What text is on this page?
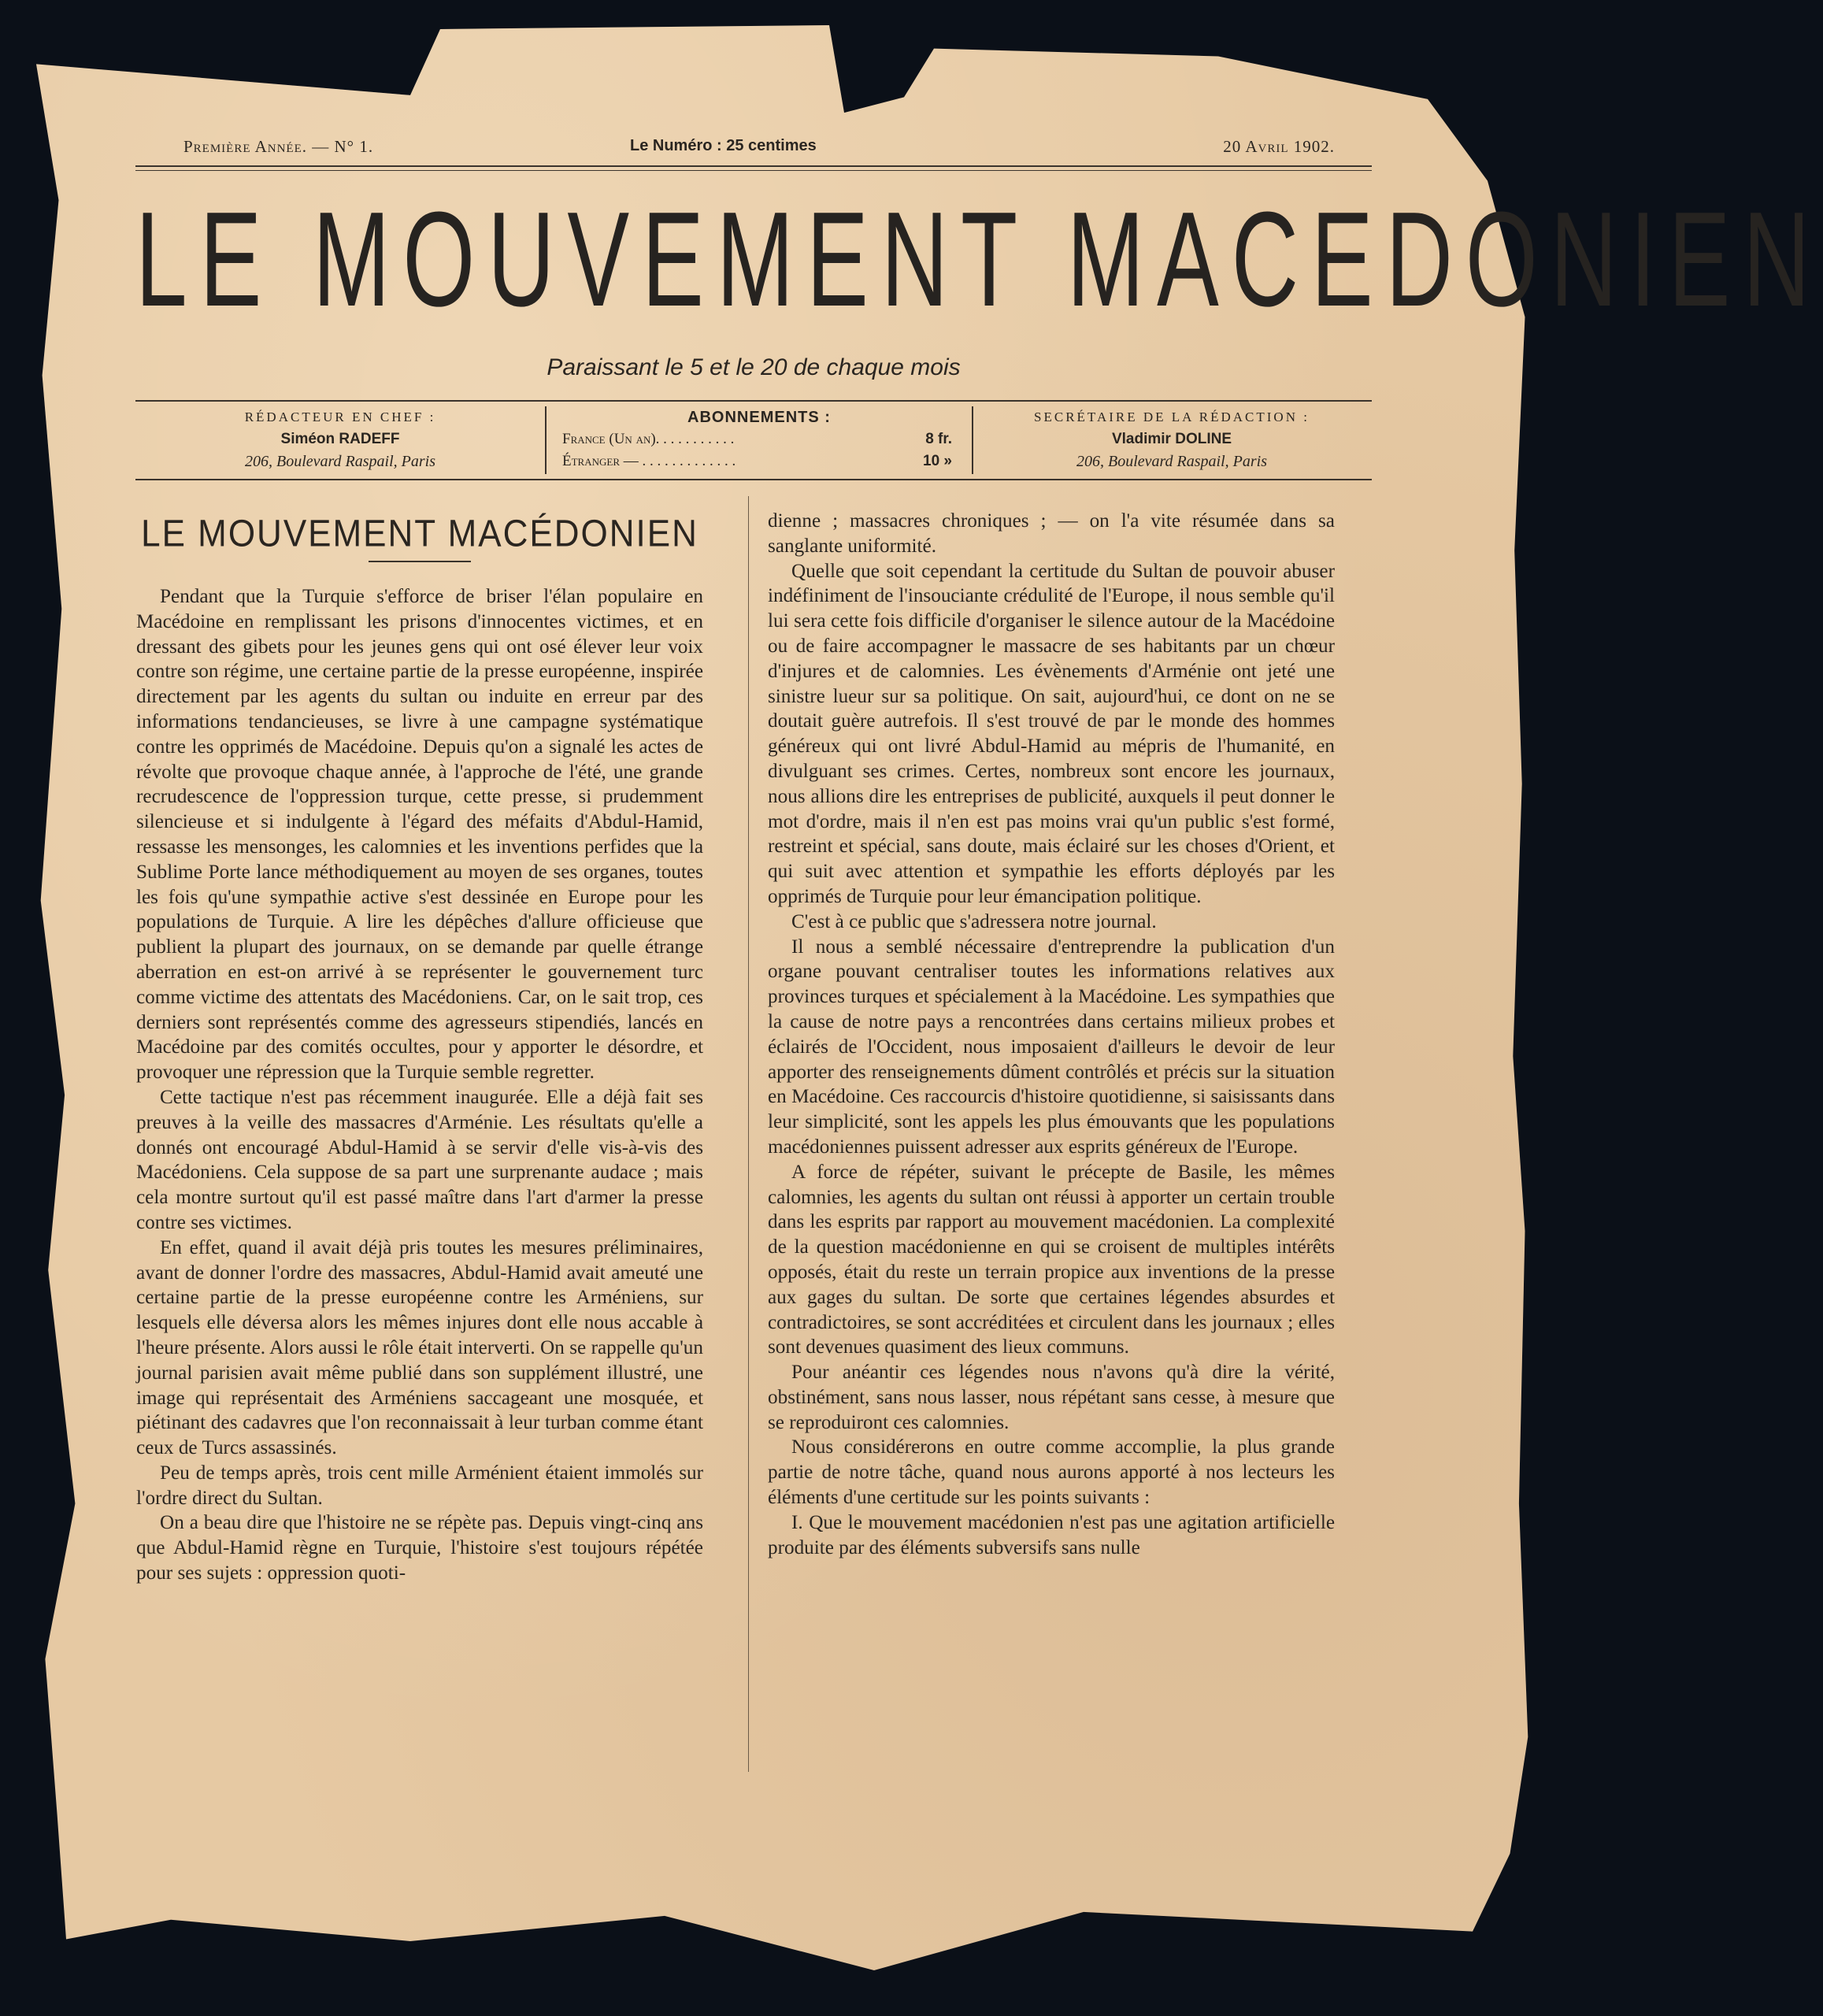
Première Année. — N° 1.	Le Numéro : 25 centimes	20 Avril 1902.
LE MOUVEMENT MACEDONIEN
Paraissant le 5 et le 20 de chaque mois
RÉDACTEUR EN CHEF :
Siméon RADEFF
206, Boulevard Raspail, Paris
ABONNEMENTS :
France (Un an). . . . . . . . . . .	8 fr.
Étranger — . . . . . . . . . . . . .	10 »
SECRÉTAIRE DE LA RÉDACTION :
Vladimir DOLINE
206, Boulevard Raspail, Paris
LE MOUVEMENT MACÉDONIEN

Pendant que la Turquie s'efforce de briser l'élan populaire en Macédoine en remplissant les prisons d'innocentes victimes, et en dressant des gibets pour les jeunes gens qui ont osé élever leur voix contre son régime, une certaine partie de la presse européenne, inspirée directement par les agents du sultan ou induite en erreur par des informations tendancieuses, se livre à une campagne systématique contre les opprimés de Macédoine. Depuis qu'on a signalé les actes de révolte que provoque chaque année, à l'approche de l'été, une grande recrudescence de l'oppression turque, cette presse, si prudemment silencieuse et si indulgente à l'égard des méfaits d'Abdul-Hamid, ressasse les mensonges, les calomnies et les inventions perfides que la Sublime Porte lance méthodiquement au moyen de ses organes, toutes les fois qu'une sympathie active s'est dessinée en Europe pour les populations de Turquie. A lire les dépêches d'allure officieuse que publient la plupart des journaux, on se demande par quelle étrange aberration en est-on arrivé à se représenter le gouvernement turc comme victime des attentats des Macédoniens. Car, on le sait trop, ces derniers sont représentés comme des agresseurs stipendiés, lancés en Macédoine par des comités occultes, pour y apporter le désordre, et provoquer une répression que la Turquie semble regretter.

Cette tactique n'est pas récemment inaugurée. Elle a déjà fait ses preuves à la veille des massacres d'Arménie. Les résultats qu'elle a donnés ont encouragé Abdul-Hamid à se servir d'elle vis-à-vis des Macédoniens. Cela suppose de sa part une surprenante audace ; mais cela montre surtout qu'il est passé maître dans l'art d'armer la presse contre ses victimes.

En effet, quand il avait déjà pris toutes les mesures préliminaires, avant de donner l'ordre des massacres, Abdul-Hamid avait ameuté une certaine partie de la presse européenne contre les Arméniens, sur lesquels elle déversa alors les mêmes injures dont elle nous accable à l'heure présente. Alors aussi le rôle était interverti. On se rappelle qu'un journal parisien avait même publié dans son supplément illustré, une image qui représentait des Arméniens saccageant une mosquée, et piétinant des cadavres que l'on reconnaissait à leur turban comme étant ceux de Turcs assassinés.

Peu de temps après, trois cent mille Arménient étaient immolés sur l'ordre direct du Sultan.

On a beau dire que l'histoire ne se répète pas. Depuis vingt-cinq ans que Abdul-Hamid règne en Turquie, l'histoire s'est toujours répétée pour ses sujets : oppression quoti-

dienne ; massacres chroniques ; — on l'a vite résumée dans sa sanglante uniformité.

Quelle que soit cependant la certitude du Sultan de pouvoir abuser indéfiniment de l'insouciante crédulité de l'Europe, il nous semble qu'il lui sera cette fois difficile d'organiser le silence autour de la Macédoine ou de faire accompagner le massacre de ses habitants par un chœur d'injures et de calomnies. Les évènements d'Arménie ont jeté une sinistre lueur sur sa politique. On sait, aujourd'hui, ce dont on ne se doutait guère autrefois. Il s'est trouvé de par le monde des hommes généreux qui ont livré Abdul-Hamid au mépris de l'humanité, en divulguant ses crimes. Certes, nombreux sont encore les journaux, nous allions dire les entreprises de publicité, auxquels il peut donner le mot d'ordre, mais il n'en est pas moins vrai qu'un public s'est formé, restreint et spécial, sans doute, mais éclairé sur les choses d'Orient, et qui suit avec attention et sympathie les efforts déployés par les opprimés de Turquie pour leur émancipation politique.

C'est à ce public que s'adressera notre journal.

Il nous a semblé nécessaire d'entreprendre la publication d'un organe pouvant centraliser toutes les informations relatives aux provinces turques et spécialement à la Macédoine. Les sympathies que la cause de notre pays a rencontrées dans certains milieux probes et éclairés de l'Occident, nous imposaient d'ailleurs le devoir de leur apporter des renseignements dûment contrôlés et précis sur la situation en Macédoine. Ces raccourcis d'histoire quotidienne, si saisissants dans leur simplicité, sont les appels les plus émouvants que les populations macédoniennes puissent adresser aux esprits généreux de l'Europe.

A force de répéter, suivant le précepte de Basile, les mêmes calomnies, les agents du sultan ont réussi à apporter un certain trouble dans les esprits par rapport au mouvement macédonien. La complexité de la question macédonienne en qui se croisent de multiples intérêts opposés, était du reste un terrain propice aux inventions de la presse aux gages du sultan. De sorte que certaines légendes absurdes et contradictoires, se sont accréditées et circulent dans les journaux ; elles sont devenues quasiment des lieux communs.

Pour anéantir ces légendes nous n'avons qu'à dire la vérité, obstinément, sans nous lasser, nous répétant sans cesse, à mesure que se reproduiront ces calomnies.

Nous considérerons en outre comme accomplie, la plus grande partie de notre tâche, quand nous aurons apporté à nos lecteurs les éléments d'une certitude sur les points suivants :

I. Que le mouvement macédonien n'est pas une agitation artificielle produite par des éléments subversifs sans nulle
